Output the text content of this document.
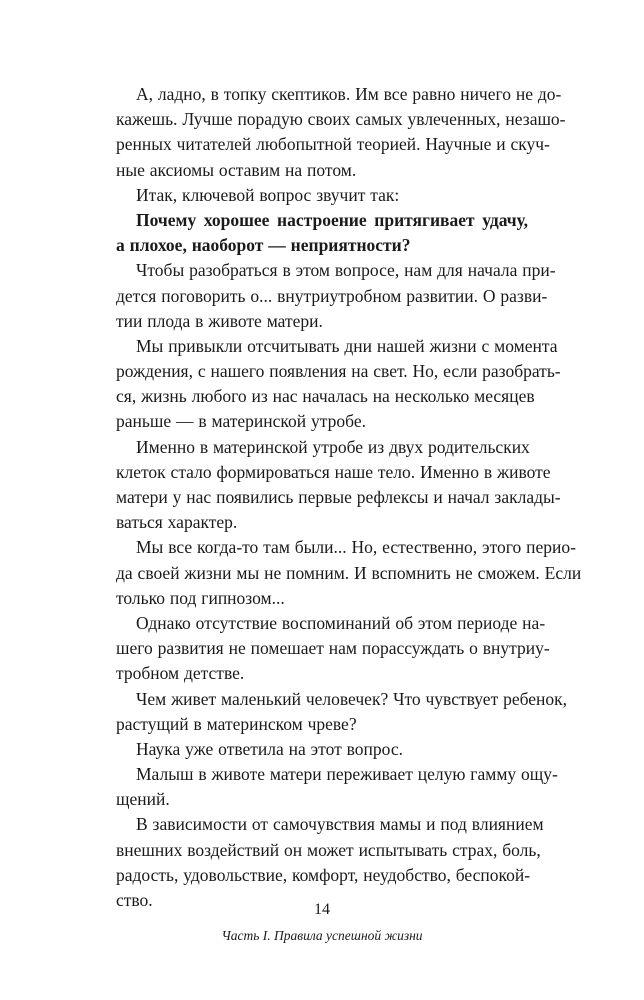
А, ладно, в топку скептиков. Им все равно ничего не до-
кажешь. Лучше порадую своих самых увлеченных, незашо-
ренных читателей любопытной теорией. Научные и скуч-
ные аксиомы оставим на потом.
Итак, ключевой вопрос звучит так:
Почему хорошее настроение притягивает удачу,
а плохое, наоборот — неприятности?
Чтобы разобраться в этом вопросе, нам для начала при-
дется поговорить о... внутриутробном развитии. О разви-
тии плода в животе матери.
Мы привыкли отсчитывать дни нашей жизни с момента
рождения, с нашего появления на свет. Но, если разобрать-
ся, жизнь любого из нас началась на несколько месяцев
раньше — в материнской утробе.
Именно в материнской утробе из двух родительских
клеток стало формироваться наше тело. Именно в животе
матери у нас появились первые рефлексы и начал заклады-
ваться характер.
Мы все когда-то там были... Но, естественно, этого перио-
да своей жизни мы не помним. И вспомнить не сможем. Если
только под гипнозом...
Однако отсутствие воспоминаний об этом периоде на-
шего развития не помешает нам порассуждать о внутриу-
тробном детстве.
Чем живет маленький человечек? Что чувствует ребенок,
растущий в материнском чреве?
Наука уже ответила на этот вопрос.
Малыш в животе матери переживает целую гамму ощу-
щений.
В зависимости от самочувствия мамы и под влиянием
внешних воздействий он может испытывать страх, боль,
радость, удовольствие, комфорт, неудобство, беспокой-
ство.	14
Часть I. Правила успешной жизни
